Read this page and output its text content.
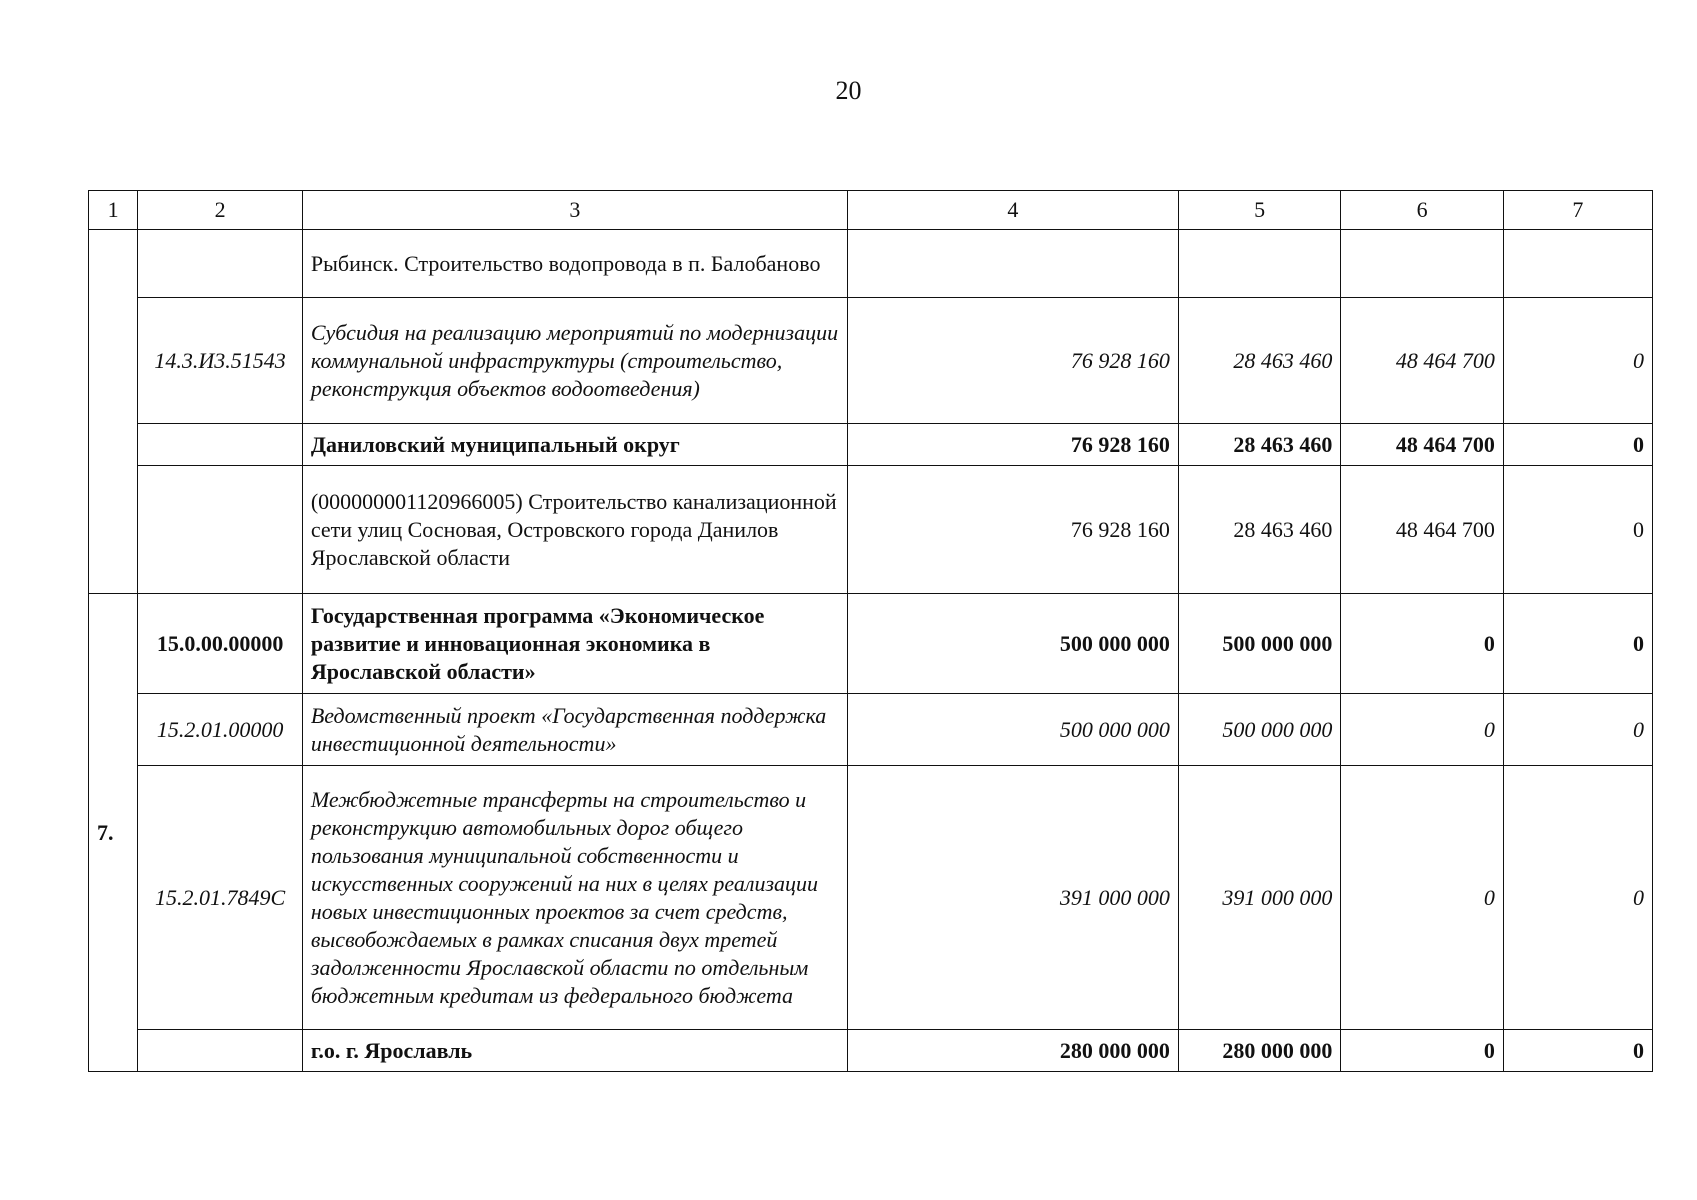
20
1	2	3	4	5	6	7
		Рыбинск. Строительство водопровода в п. Балобаново				
	14.3.И3.51543	Субсидия на реализацию мероприятий по модернизации коммунальной инфраструктуры (строительство, реконструкция объектов водоотведения)	76 928 160	28 463 460	48 464 700	0
		Даниловский муниципальный округ	76 928 160	28 463 460	48 464 700	0
		(000000001120966005) Строительство канализационной сети улиц Сосновая, Островского города Данилов Ярославской области	76 928 160	28 463 460	48 464 700	0
7.	15.0.00.00000	Государственная программа «Экономическое развитие и инновационная экономика в Ярославской области»	500 000 000	500 000 000	0	0
	15.2.01.00000	Ведомственный проект «Государственная поддержка инвестиционной деятельности»	500 000 000	500 000 000	0	0
	15.2.01.7849С	Межбюджетные трансферты на строительство и реконструкцию автомобильных дорог общего пользования муниципальной собственности и искусственных сооружений на них в целях реализации новых инвестиционных проектов за счет средств, высвобождаемых в рамках списания двух третей задолженности Ярославской области по отдельным бюджетным кредитам из федерального бюджета	391 000 000	391 000 000	0	0
		г.о. г. Ярославль	280 000 000	280 000 000	0	0
